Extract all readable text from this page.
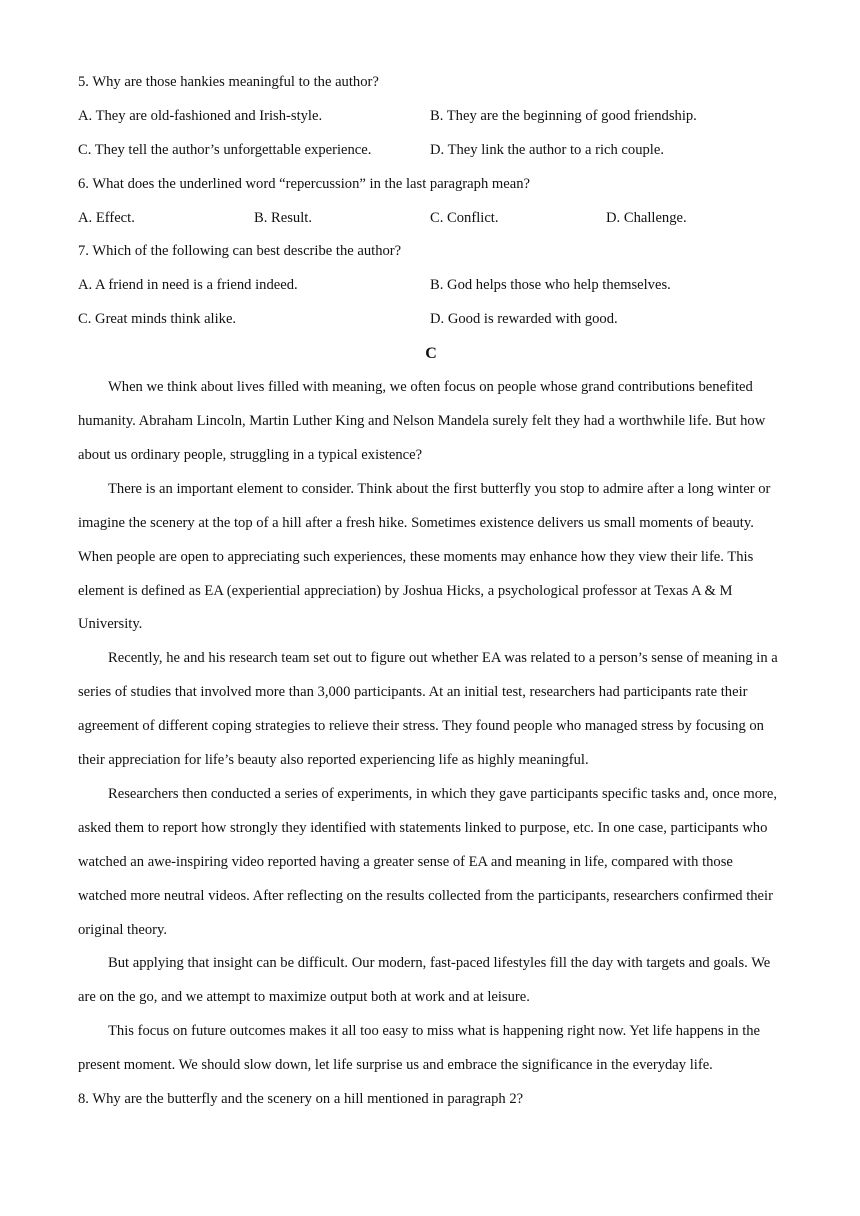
5. Why are those hankies meaningful to the author?
A. They are old-fashioned and Irish-style.	B. They are the beginning of good friendship.
C. They tell the author’s unforgettable experience.	D. They link the author to a rich couple.
6. What does the underlined word “repercussion” in the last paragraph mean?
A. Effect.	B. Result.	C. Conflict.	D. Challenge.
7. Which of the following can best describe the author?
A. A friend in need is a friend indeed.	B. God helps those who help themselves.
C. Great minds think alike.	D. Good is rewarded with good.
C

When we think about lives filled with meaning, we often focus on people whose grand contributions benefited humanity. Abraham Lincoln, Martin Luther King and Nelson Mandela surely felt they had a worthwhile life. But how about us ordinary people, struggling in a typical existence?

There is an important element to consider. Think about the first butterfly you stop to admire after a long winter or imagine the scenery at the top of a hill after a fresh hike. Sometimes existence delivers us small moments of beauty. When people are open to appreciating such experiences, these moments may enhance how they view their life. This element is defined as EA (experiential appreciation) by Joshua Hicks, a psychological professor at Texas A & M University.

Recently, he and his research team set out to figure out whether EA was related to a person’s sense of meaning in a series of studies that involved more than 3,000 participants. At an initial test, researchers had participants rate their agreement of different coping strategies to relieve their stress. They found people who managed stress by focusing on their appreciation for life’s beauty also reported experiencing life as highly meaningful.

Researchers then conducted a series of experiments, in which they gave participants specific tasks and, once more, asked them to report how strongly they identified with statements linked to purpose, etc. In one case, participants who watched an awe-inspiring video reported having a greater sense of EA and meaning in life, compared with those watched more neutral videos. After reflecting on the results collected from the participants, researchers confirmed their original theory.

But applying that insight can be difficult. Our modern, fast-paced lifestyles fill the day with targets and goals. We are on the go, and we attempt to maximize output both at work and at leisure.

This focus on future outcomes makes it all too easy to miss what is happening right now. Yet life happens in the present moment. We should slow down, let life surprise us and embrace the significance in the everyday life.

8. Why are the butterfly and the scenery on a hill mentioned in paragraph 2?
